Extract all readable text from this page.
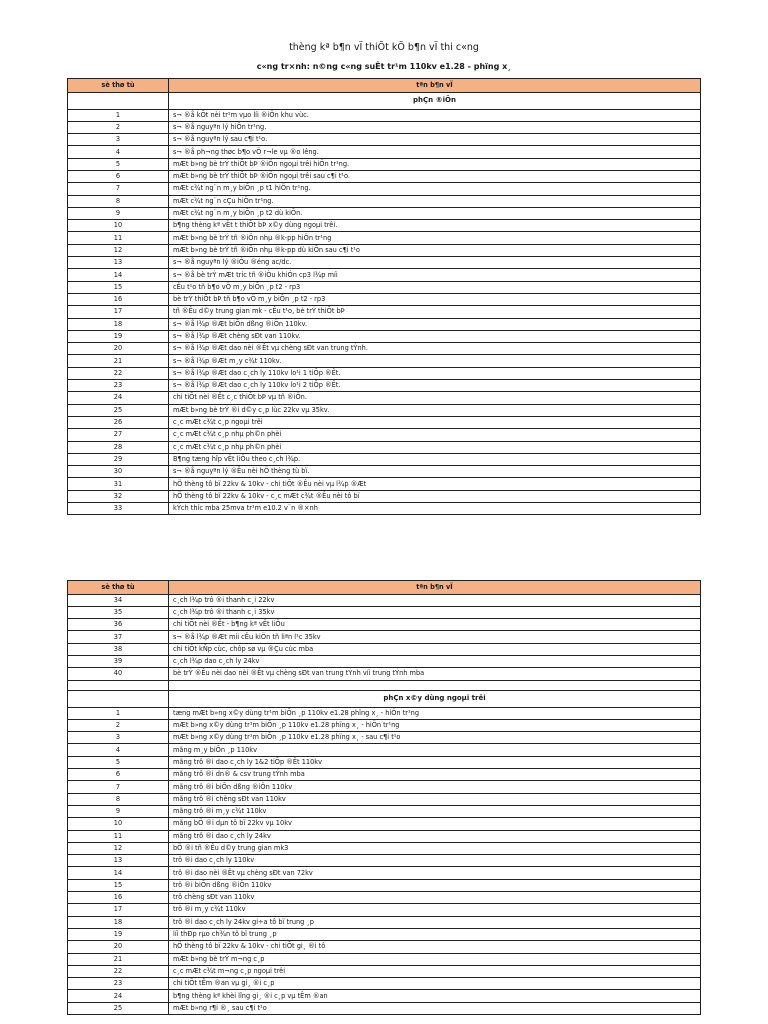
thèng kª b¶n vÏ thiÕt kÕ b¶n vÏ thi c«ng
c«ng tr×nh: n©ng c«ng suÊt tr¹m 110kv e1.28 - phïng x¸
sè thø tù	tªn b¶n vÏ
	phÇn ®iÖn
1	s¬ ®å kÕt nèi tr¹m vµo líi ®iÖn khu vùc.
2	s¬ ®å nguyªn lý hiÖn tr¹ng.
3	s¬ ®å nguyªn lý sau c¶i t¹o.
4	s¬ ®å ph¬ng thøc b¶o vÖ r¬le vµ ®o lêng.
5	mÆt b»ng bè trÝ thiÕt bÞ ®iÖn ngoµi trêi hiÖn tr¹ng.
6	mÆt b»ng bè trÝ thiÕt bÞ ®iÖn ngoµi trêi sau c¶i t¹o.
7	mÆt c¾t ng¨n m¸y biÕn ¸p t1 hiÖn tr¹ng.
8	mÆt c¾t ng¨n cÇu hiÖn tr¹ng.
9	mÆt c¾t ng¨n m¸y biÕn ¸p t2 dù kiÕn.
10	b¶ng thèng kª vËt t thiÕt bÞ x©y dùng ngoµi trêi.
11	mÆt b»ng bè trÝ tñ ®iÖn nhµ ®k-pp hiÖn tr¹ng
12	mÆt b»ng bè trÝ tñ ®iÖn nhµ ®k-pp dù kiÕn sau c¶i t¹o
13	s¬ ®å nguyªn lý ®iÒu ®éng ac/dc.
14	s¬ ®å bè trÝ mÆt tríc tñ ®iÒu khiÓn cp3 l¾p míi
15	cÊu t¹o tñ b¶o vÖ m¸y biÕn ¸p t2 - rp3
16	bè trÝ thiÕt bÞ tñ b¶o vÖ m¸y biÕn ¸p t2 - rp3
17	tñ ®Êu d©y trung gian mk - cÊu t¹o, bè trÝ thiÕt bÞ
18	s¬ ®å l¾p ®Æt biÕn dßng ®iÖn 110kv.
19	s¬ ®å l¾p ®Æt chèng sÐt van 110kv.
20	s¬ ®å l¾p ®Æt dao nèi ®Êt vµ chèng sÐt van trung tÝnh.
21	s¬ ®å l¾p ®Æt m¸y c¾t 110kv.
22	s¬ ®å l¾p ®Æt dao c¸ch ly 110kv lo¹i 1 tiÕp ®Êt.
23	s¬ ®å l¾p ®Æt dao c¸ch ly 110kv lo¹i 2 tiÕp ®Êt.
24	chi tiÕt nèi ®Êt c¸c thiÕt bÞ vµ tñ ®iÖn.
25	mÆt b»ng bè trÝ ®i d©y c¸p lùc 22kv vµ 35kv.
26	c¸c mÆt c¾t c¸p ngoµi trêi
27	c¸c mÆt c¾t c¸p nhµ ph©n phèi
28	c¸c mÆt c¾t c¸p nhµ ph©n phèi
29	B¶ng tæng hîp vËt liÖu theo c¸ch l¾p.
30	s¬ ®å nguyªn lý ®Êu nèi hÖ thèng tù bï.
31	hÖ thèng tô bï 22kv & 10kv - chi tiÕt ®Êu nèi vµ l¾p ®Æt
32	hÖ thèng tô bï 22kv & 10kv - c¸c mÆt c¾t ®Êu nèi tô bï
33	kÝch thíc mba 25mva tr¹m e10.2 v¨n ®×nh
sè thø tù	tªn b¶n vÏ
34	c¸ch l¾p trô ®i thanh c¸i 22kv
35	c¸ch l¾p trô ®i thanh c¸i 35kv
36	chi tiÕt nèi ®Êt - b¶ng kª vËt liÖu
37	s¬ ®å l¾p ®Æt míi cÊu kiÖn tñ liªn l¹c 35kv
38	chi tiÕt kÑp cùc, chôp sø vµ ®Çu cùc mba
39	c¸ch l¾p dao c¸ch ly 24kv
40	bè trÝ ®Êu nèi dao nèi ®Êt vµ chèng sÐt van trung tÝnh víi trung tÝnh mba

	phÇn x©y dùng ngoµi trêi
1	tæng mÆt b»ng x©y dùng tr¹m biÕn ¸p 110kv e1.28 phïng x¸ - hiÖn tr¹ng
2	mÆt b»ng x©y dùng tr¹m biÕn ¸p 110kv e1.28 phïng x¸ - hiÖn tr¹ng
3	mÆt b»ng x©y dùng tr¹m biÕn ¸p 110kv e1.28 phïng x¸ - sau c¶i t¹o
4	mãng m¸y biÕn ¸p 110kv
5	mãng trô ®i dao c¸ch ly 1&2 tiÕp ®Êt 110kv
6	mãng trô ®i dn® & csv trung tÝnh mba
7	mãng trô ®i biÕn dßng ®iÖn 110kv
8	mãng trô ®i chèng sÐt van 110kv
9	mãng trô ®i m¸y c¾t 110kv
10	mãng bÖ ®i dµn tô bï 22kv vµ 10kv
11	mãng trô ®i dao c¸ch ly 24kv
12	bÖ ®i tñ ®Êu d©y trung gian mk3
13	trô ®i dao c¸ch ly 110kv
14	trô ®i dao nèi ®Êt vµ chèng sÐt van 72kv
15	trô ®i biÕn dßng ®iÖn 110kv
16	trô chèng sÐt van 110kv
17	trô ®i m¸y c¾t 110kv
18	trô ®i dao c¸ch ly 24kv gi÷a tô bï trung ¸p
19	líi thÐp rµo ch¾n tô bï trung ¸p
20	hÖ thèng tô bï 22kv & 10kv - chi tiÕt gi¸ ®i tô
21	mÆt b»ng bè trÝ m¬ng c¸p
22	c¸c mÆt c¾t m¬ng c¸p ngoµi trêi
23	chi tiÕt tÊm ®an vµ gi¸ ®i c¸p
24	b¶ng thèng kª khèi lîng gi¸ ®i c¸p vµ tÊm ®an
25	mÆt b»ng r¶i ®¸ sau c¶i t¹o
